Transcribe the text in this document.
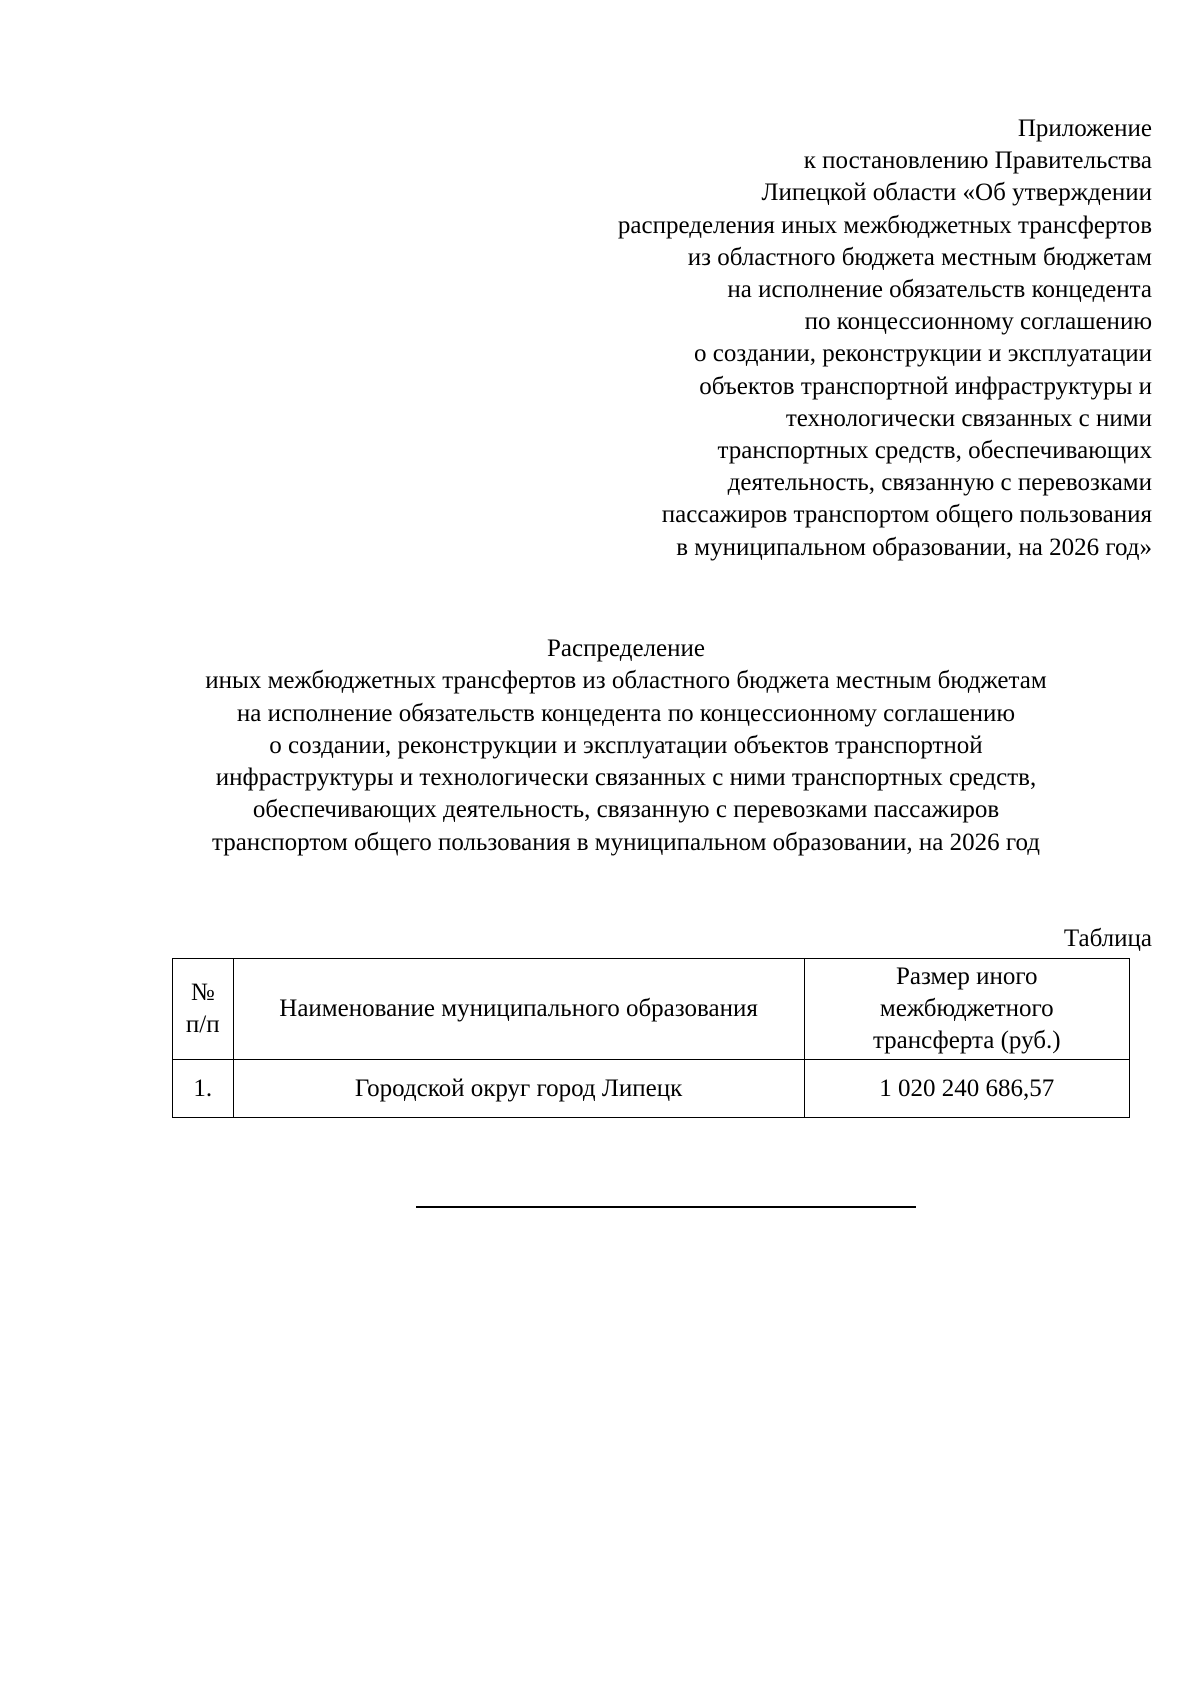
Приложение
к постановлению Правительства
Липецкой области «Об утверждении
распределения иных межбюджетных трансфертов
из областного бюджета местным бюджетам
на исполнение обязательств концедента
по концессионному соглашению
о создании, реконструкции и эксплуатации
объектов транспортной инфраструктуры и
технологически связанных с ними
транспортных средств, обеспечивающих
деятельность, связанную с перевозками
пассажиров транспортом общего пользования
в муниципальном образовании, на 2026 год»
Распределение
иных межбюджетных трансфертов из областного бюджета местным бюджетам
на исполнение обязательств концедента по концессионному соглашению
о создании, реконструкции и эксплуатации объектов транспортной
инфраструктуры и технологически связанных с ними транспортных средств,
обеспечивающих деятельность, связанную с перевозками пассажиров
транспортом общего пользования в муниципальном образовании, на 2026 год
Таблица
№
п/п	Наименование муниципального образования	Размер иного
межбюджетного
трансферта (руб.)

1.	Городской округ город Липецк	1 020 240 686,57
